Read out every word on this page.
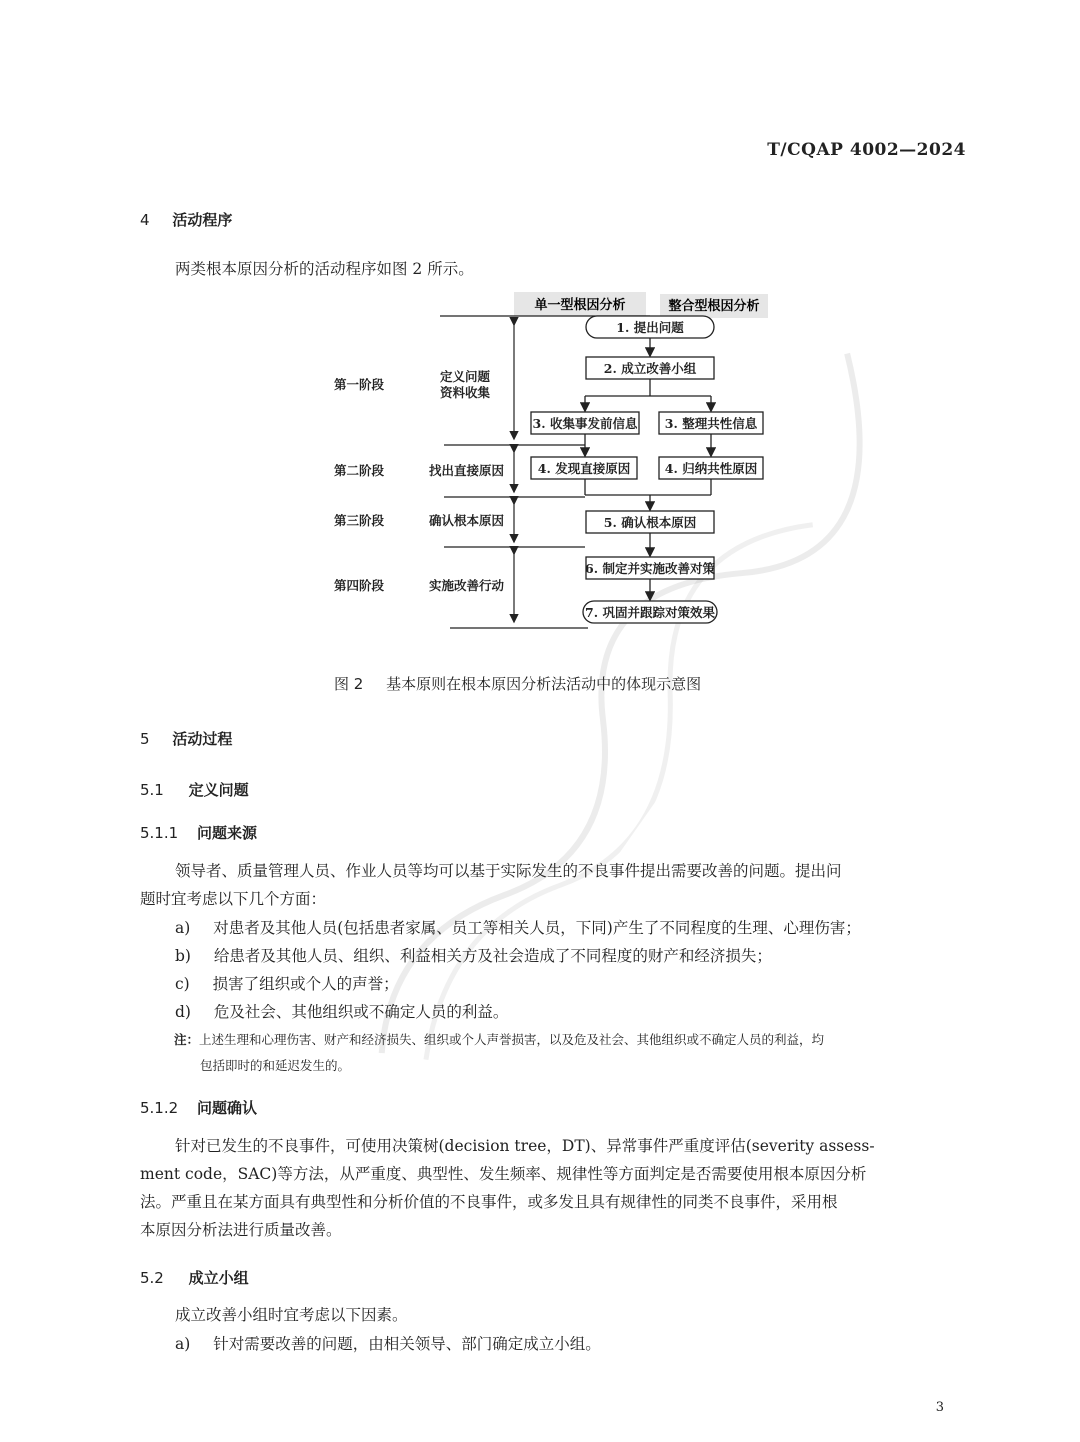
T/CQAP 4002—2024
4 活动程序
两类根本原因分析的活动程序如图 2 所示。
单一型根因分析	整合型根因分析
第一阶段
定义问题
资料收集
第二阶段	找出直接原因
第三阶段	确认根本原因
第四阶段	实施改善行动
1. 提出问题
2. 成立改善小组
3. 收集事发前信息 3. 整理共性信息
4. 发现直接原因	4. 归纳共性原因
5. 确认根本原因
6. 制定并实施改善对策
7. 巩固并跟踪对策效果
图 2 基本原则在根本原因分析法活动中的体现示意图
5 活动过程
5.1 定义问题
5.1.1 问题来源
领导者、质量管理人员、作业人员等均可以基于实际发生的不良事件提出需要改善的问题。提出问
题时宜考虑以下几个方面：
a) 对患者及其他人员(包括患者家属、员工等相关人员，下同)产生了不同程度的生理、心理伤害；
b) 给患者及其他人员、组织、利益相关方及社会造成了不同程度的财产和经济损失；
c) 损害了组织或个人的声誉；
d) 危及社会、其他组织或不确定人员的利益。
注：上述生理和心理伤害、财产和经济损失、组织或个人声誉损害，以及危及社会、其他组织或不确定人员的利益，均
包括即时的和延迟发生的。
5.1.2 问题确认
针对已发生的不良事件，可使用决策树(decision tree，DT)、异常事件严重度评估(severity assess-
ment code，SAC)等方法，从严重度、典型性、发生频率、规律性等方面判定是否需要使用根本原因分析
法。严重且在某方面具有典型性和分析价值的不良事件，或多发且具有规律性的同类不良事件，采用根
本原因分析法进行质量改善。
5.2 成立小组
成立改善小组时宜考虑以下因素。
a) 针对需要改善的问题，由相关领导、部门确定成立小组。
3
